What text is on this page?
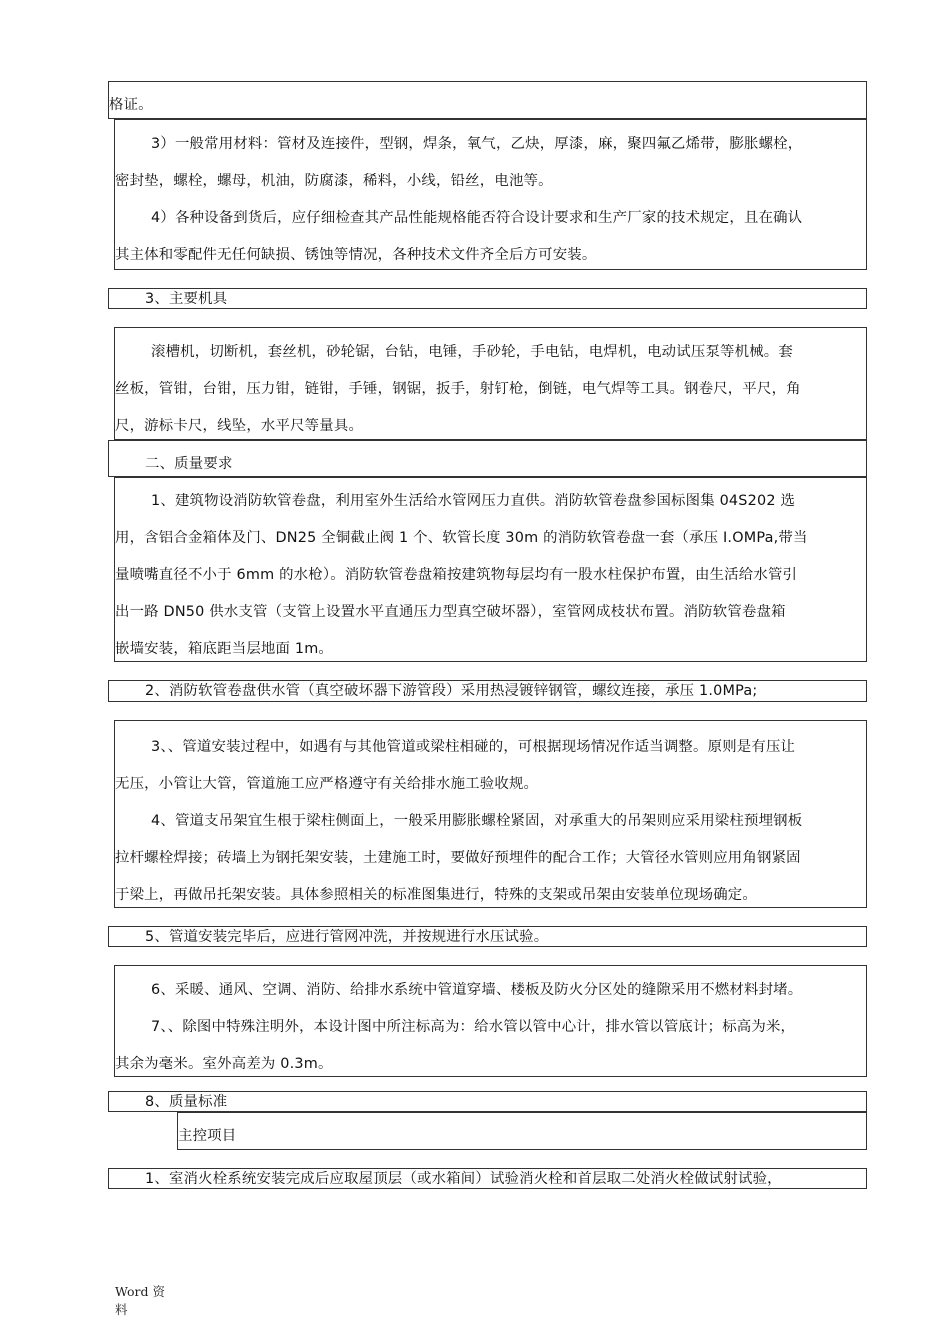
格证。

3）一般常用材料：管材及连接件，型钢，焊条，氧气，乙炔，厚漆，麻，聚四氟乙烯带，膨胀螺栓，

密封垫，螺栓，螺母，机油，防腐漆，稀料，小线，铅丝，电池等。

4）各种设备到货后，应仔细检查其产品性能规格能否符合设计要求和生产厂家的技术规定，且在确认

其主体和零配件无任何缺损、锈蚀等情况，各种技术文件齐全后方可安装。

3、主要机具

滚槽机，切断机，套丝机，砂轮锯，台钻，电锤，手砂轮，手电钻，电焊机，电动试压泵等机械。套

丝板，管钳，台钳，压力钳，链钳，手锤，钢锯，扳手，射钉枪，倒链，电气焊等工具。钢卷尺，平尺，角

尺，游标卡尺，线坠，水平尺等量具。

二、质量要求

1、建筑物设消防软管卷盘，利用室外生活给水管网压力直供。消防软管卷盘参国标图集 04S202 选

用，含铝合金箱体及门、DN25 全铜截止阀 1 个、软管长度 30m 的消防软管卷盘一套（承压 I.OMPa,带当

量喷嘴直径不小于 6mm 的水枪）。消防软管卷盘箱按建筑物每层均有一股水柱保护布置，由生活给水管引

出一路 DN50 供水支管（支管上设置水平直通压力型真空破坏器），室管网成枝状布置。消防软管卷盘箱

嵌墙安装，箱底距当层地面 1m。

2、消防软管卷盘供水管（真空破坏器下游管段）采用热浸镀锌钢管，螺纹连接，承压 1.0MPa;

3、、管道安装过程中，如遇有与其他管道或梁柱相碰的，可根据现场情况作适当调整。原则是有压让

无压，小管让大管，管道施工应严格遵守有关给排水施工验收规。

4、管道支吊架宜生根于梁柱侧面上，一般采用膨胀螺栓紧固，对承重大的吊架则应采用梁柱预埋钢板

拉杆螺栓焊接；砖墙上为钢托架安装，土建施工时，要做好预埋件的配合工作；大管径水管则应用角钢紧固

于梁上，再做吊托架安装。具体参照相关的标准图集进行，特殊的支架或吊架由安装单位现场确定。

5、管道安装完毕后，应进行管网冲洗，并按规进行水压试验。

6、采暖、通风、空调、消防、给排水系统中管道穿墙、楼板及防火分区处的缝隙采用不燃材料封堵。

7、、除图中特殊注明外，本设计图中所注标高为：给水管以管中心计，排水管以管底计；标高为米，

其余为毫米。室外高差为 0.3m。

8、质量标准

主控项目

1、室消火栓系统安装完成后应取屋顶层（或水箱间）试验消火栓和首层取二处消火栓做试射试验，

Word 资
料
